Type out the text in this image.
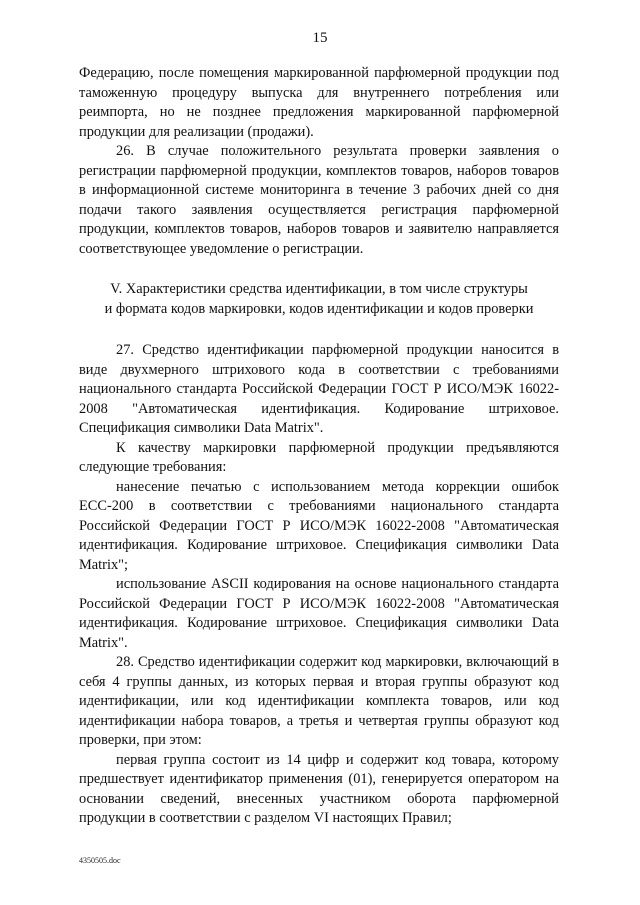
15

Федерацию, после помещения маркированной парфюмерной продукции под таможенную процедуру выпуска для внутреннего потребления или реимпорта, но не позднее предложения маркированной парфюмерной продукции для реализации (продажи).

26. В случае положительного результата проверки заявления о регистрации парфюмерной продукции, комплектов товаров, наборов товаров в информационной системе мониторинга в течение 3 рабочих дней со дня подачи такого заявления осуществляется регистрация парфюмерной продукции, комплектов товаров, наборов товаров и заявителю направляется соответствующее уведомление о регистрации.

V. Характеристики средства идентификации, в том числе структуры
и формата кодов маркировки, кодов идентификации и кодов проверки

27. Средство идентификации парфюмерной продукции наносится в виде двухмерного штрихового кода в соответствии с требованиями национального стандарта Российской Федерации ГОСТ Р ИСО/МЭК 16022-2008 "Автоматическая идентификация. Кодирование штриховое. Спецификация символики Data Matrix".

К качеству маркировки парфюмерной продукции предъявляются следующие требования:

нанесение печатью с использованием метода коррекции ошибок ЕСС-200 в соответствии с требованиями национального стандарта Российской Федерации ГОСТ Р ИСО/МЭК 16022-2008 "Автоматическая идентификация. Кодирование штриховое. Спецификация символики Data Matrix";

использование ASCII кодирования на основе национального стандарта Российской Федерации ГОСТ Р ИСО/МЭК 16022-2008 "Автоматическая идентификация. Кодирование штриховое. Спецификация символики Data Matrix".

28. Средство идентификации содержит код маркировки, включающий в себя 4 группы данных, из которых первая и вторая группы образуют код идентификации, или код идентификации комплекта товаров, или код идентификации набора товаров, а третья и четвертая группы образуют код проверки, при этом:

первая группа состоит из 14 цифр и содержит код товара, которому предшествует идентификатор применения (01), генерируется оператором на основании сведений, внесенных участником оборота парфюмерной продукции в соответствии с разделом VI настоящих Правил;

4350505.doc
